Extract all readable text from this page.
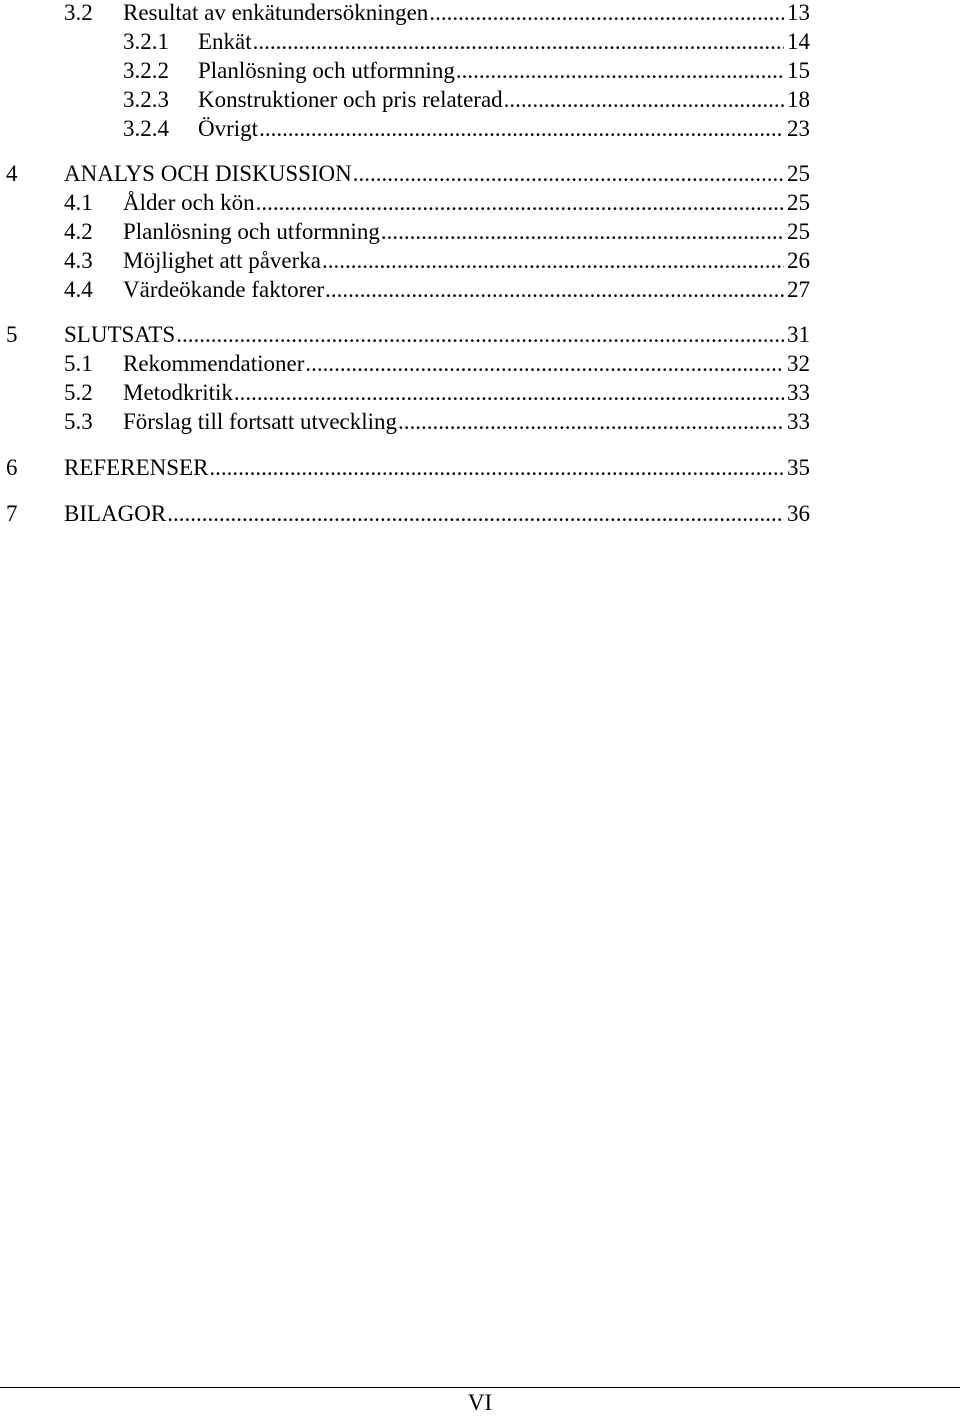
3.2	Resultat av enkätundersökningen .....	13
3.2.1	Enkät .....	14
3.2.2	Planlösning och utformning .....	15
3.2.3	Konstruktioner och pris relaterad .....	18
3.2.4	Övrigt .....	23
4	ANALYS OCH DISKUSSION .....	25
4.1	Ålder och kön .....	25
4.2	Planlösning och utformning .....	25
4.3	Möjlighet att påverka .....	26
4.4	Värdeökande faktorer .....	27
5	SLUTSATS .....	31
5.1	Rekommendationer .....	32
5.2	Metodkritik .....	33
5.3	Förslag till fortsatt utveckling .....	33
6	REFERENSER .....	35
7	BILAGOR .....	36
VI
